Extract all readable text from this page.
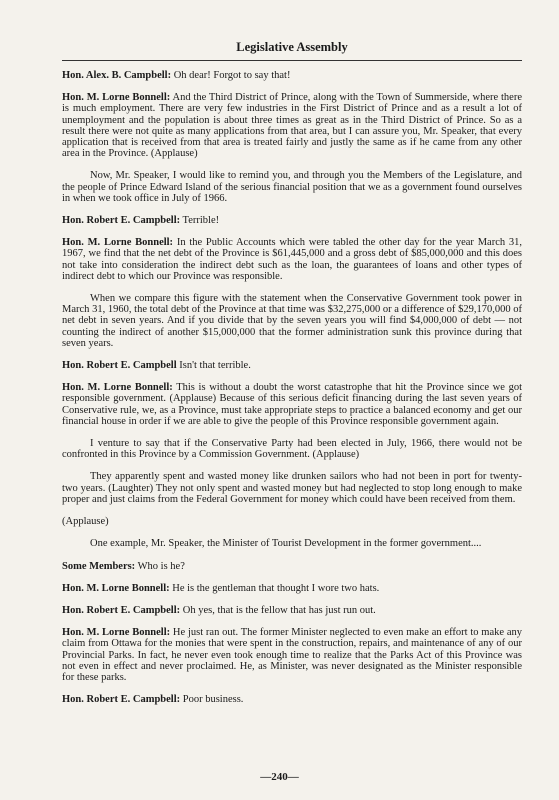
Legislative Assembly

Hon. Alex. B. Campbell: Oh dear! Forgot to say that!

Hon. M. Lorne Bonnell: And the Third District of Prince, along with the Town of Summerside, where there is much employment. There are very few industries in the First District of Prince and as a result a lot of unemployment and the population is about three times as great as in the Third District of Prince. So as a result there were not quite as many applications from that area, but I can assure you, Mr. Speaker, that every application that is received from that area is treated fairly and justly the same as if he came from any other area in the Province. (Applause)

Now, Mr. Speaker, I would like to remind you, and through you the Members of the Legislature, and the people of Prince Edward Island of the serious financial position that we as a government found ourselves in when we took office in July of 1966.

Hon. Robert E. Campbell: Terrible!

Hon. M. Lorne Bonnell: In the Public Accounts which were tabled the other day for the year March 31, 1967, we find that the net debt of the Province is $61,445,000 and a gross debt of $85,000,000 and this does not take into consideration the indirect debt such as the loan, the guarantees of loans and other types of indirect debt to which our Province was responsible.

When we compare this figure with the statement when the Conservative Government took power in March 31, 1960, the total debt of the Province at that time was $32,275,000 or a difference of $29,170,000 of net debt in seven years. And if you divide that by the seven years you will find $4,000,000 of debt — not counting the indirect of another $15,000,000 that the former administration sunk this province during that seven years.

Hon. Robert E. Campbell Isn't that terrible.

Hon. M. Lorne Bonnell: This is without a doubt the worst catastrophe that hit the Province since we got responsible government. (Applause) Because of this serious deficit financing during the last seven years of Conservative rule, we, as a Province, must take appropriate steps to practice a balanced economy and get our financial house in order if we are able to give the people of this Province responsible government again.

I venture to say that if the Conservative Party had been elected in July, 1966, there would not be confronted in this Province by a Commission Government. (Applause)

They apparently spent and wasted money like drunken sailors who had not been in port for twenty-two years. (Laughter) They not only spent and wasted money but had neglected to stop long enough to make proper and just claims from the Federal Government for money which could have been received from them.

(Applause)

One example, Mr. Speaker, the Minister of Tourist Development in the former government....

Some Members: Who is he?

Hon. M. Lorne Bonnell: He is the gentleman that thought I wore two hats.

Hon. Robert E. Campbell: Oh yes, that is the fellow that has just run out.

Hon. M. Lorne Bonnell: He just ran out. The former Minister neglected to even make an effort to make any claim from Ottawa for the monies that were spent in the construction, repairs, and maintenance of any of our Provincial Parks. In fact, he never even took enough time to realize that the Parks Act of this Province was not even in effect and never proclaimed. He, as Minister, was never designated as the Minister responsible for these parks.

Hon. Robert E. Campbell: Poor business.

—240—
